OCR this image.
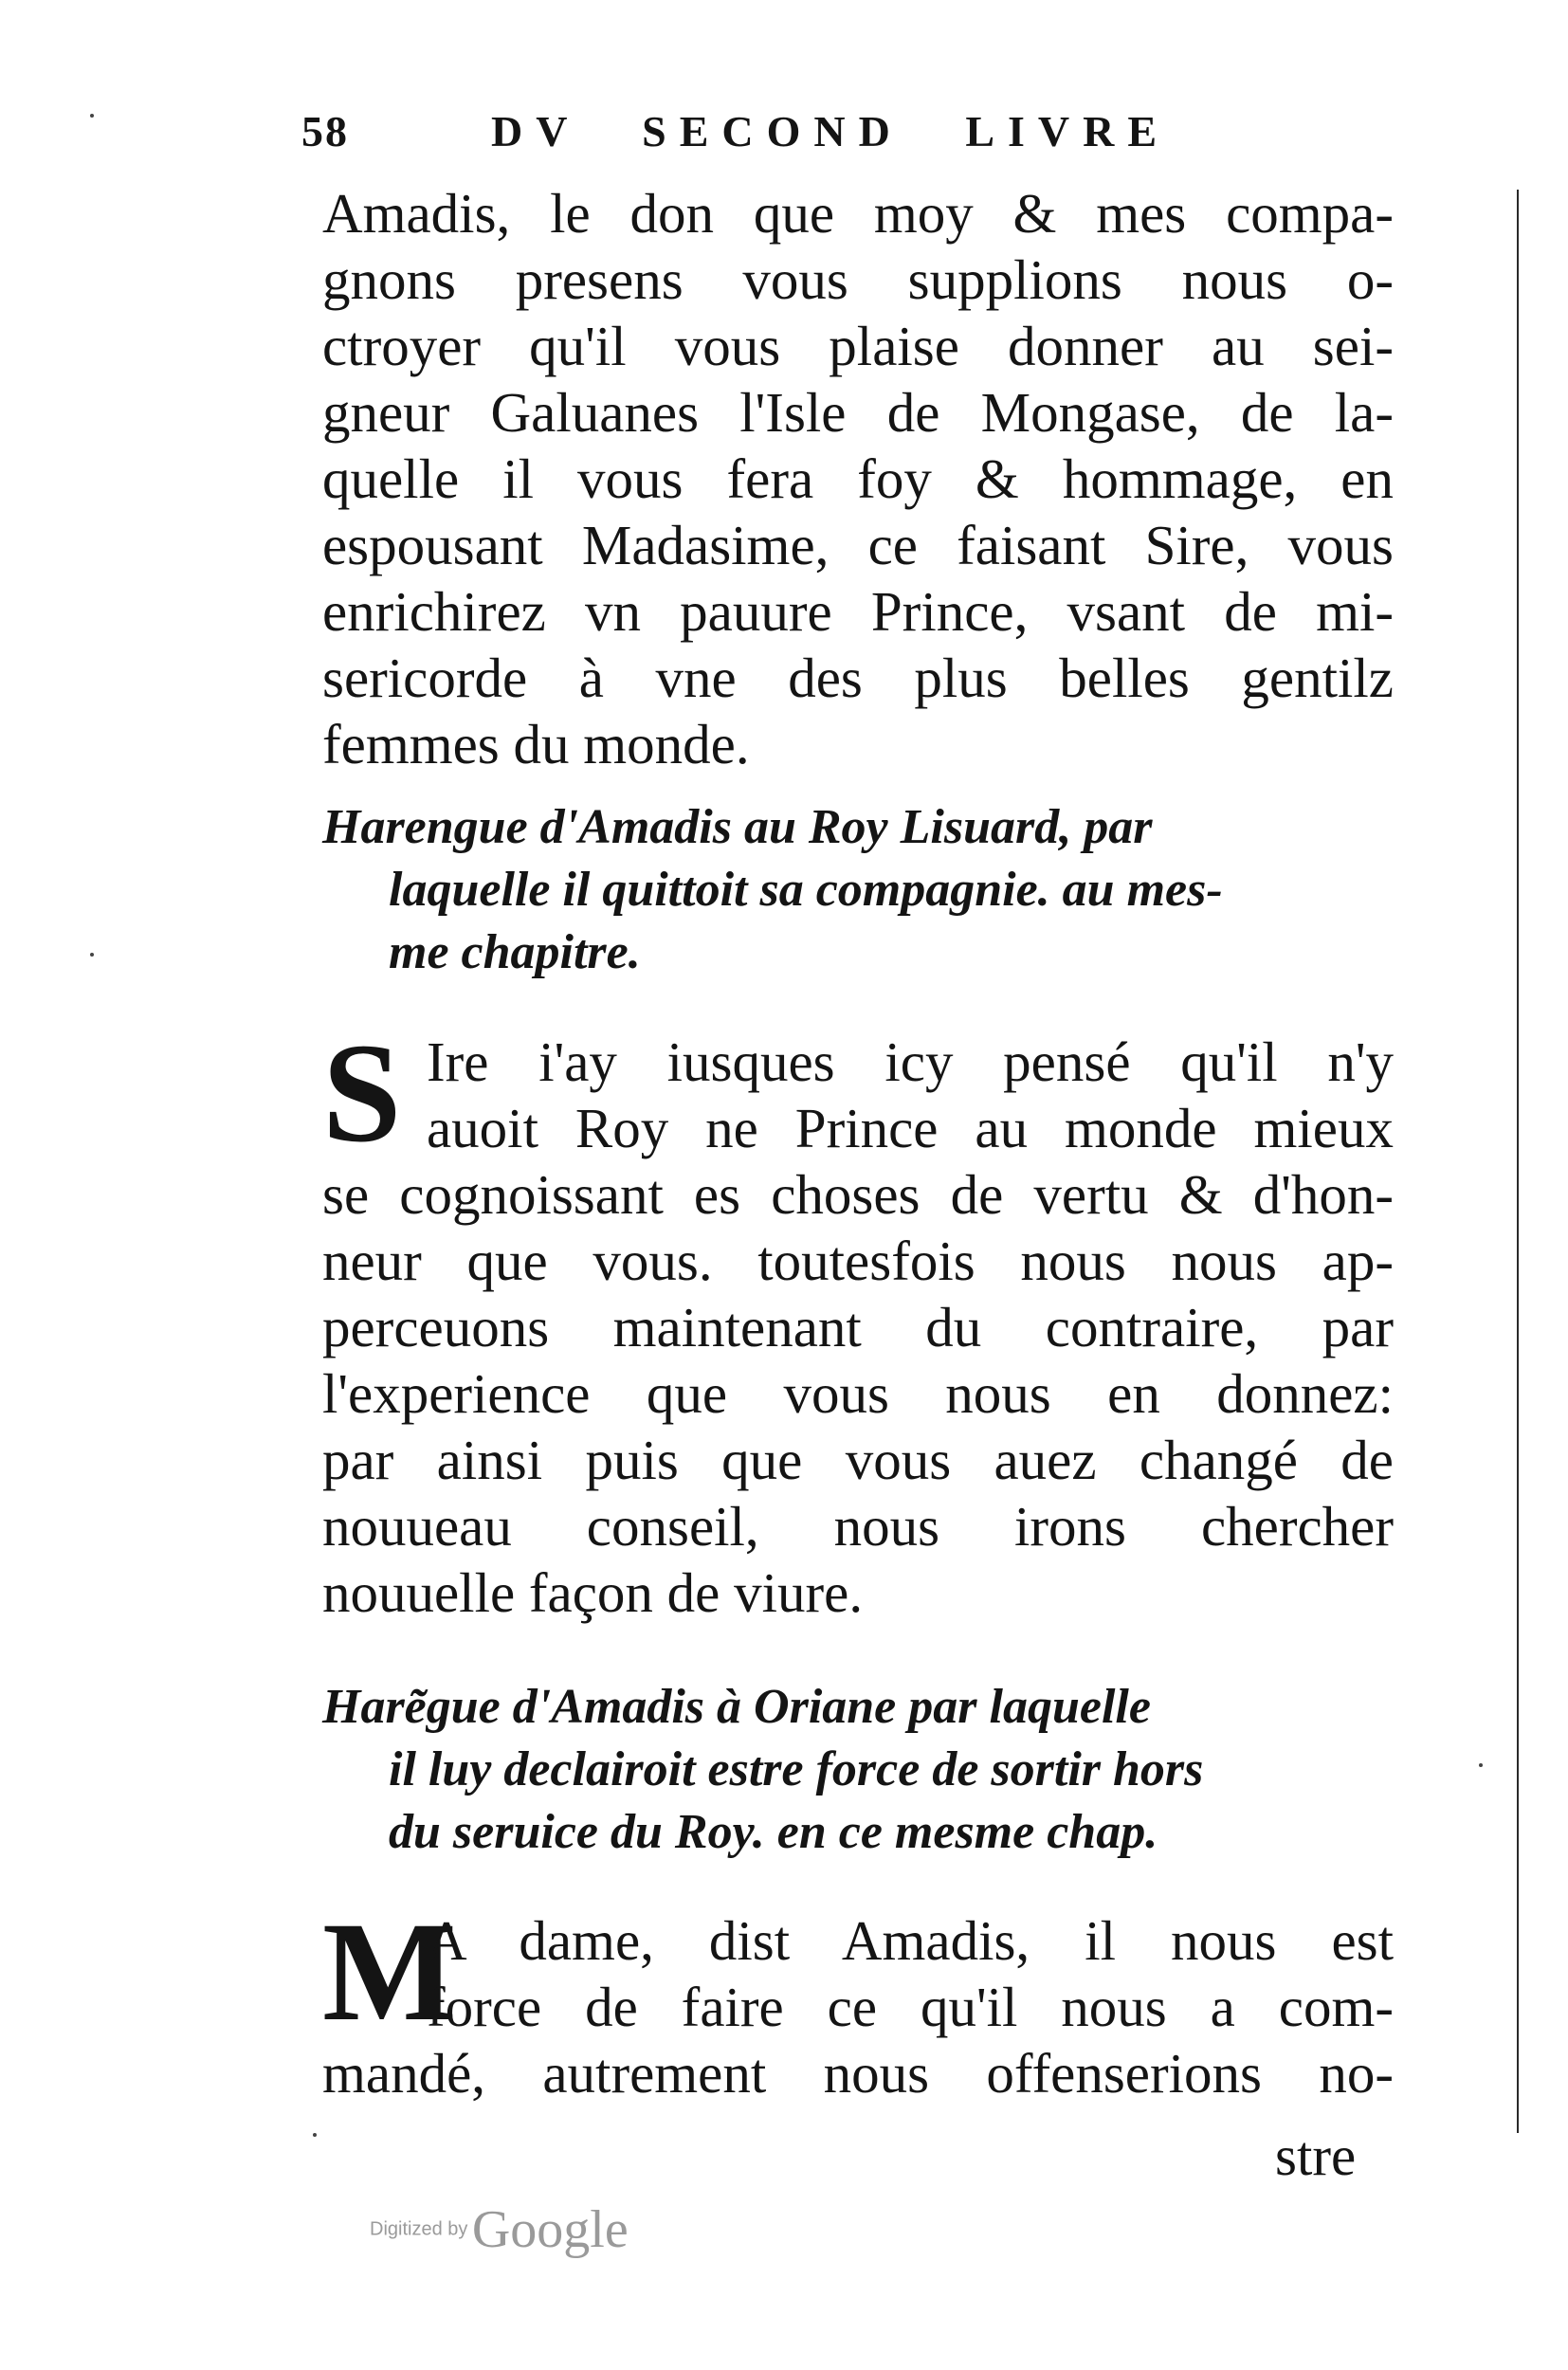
58	DV SECOND LIVRE
Amadis, le don que moy & mes compa-
gnons presens vous supplions nous o-
ctroyer qu'il vous plaise donner au sei-
gneur Galuanes l'Isle de Mongase, de la-
quelle il vous fera foy & hommage, en
espousant Madasime, ce faisant Sire, vous
enrichirez vn pauure Prince, vsant de mi-
sericorde à vne des plus belles gentilz
femmes du monde.
Harengue d'Amadis au Roy Lisuard, par
laquelle il quittoit sa compagnie. au mes-
me chapitre.
S Ire i'ay iusques icy pensé qu'il n'y
auoit Roy ne Prince au monde mieux
se cognoissant es choses de vertu & d'hon-
neur que vous. toutesfois nous nous ap-
perceuons maintenant du contraire, par
l'experience que vous nous en donnez:
par ainsi puis que vous auez changé de
nouueau conseil, nous irons chercher
nouuelle façon de viure.
Harẽgue d'Amadis à Oriane par laquelle
il luy declairoit estre force de sortir hors
du seruice du Roy. en ce mesme chap.
M
A dame, dist Amadis, il nous est
force de faire ce qu'il nous a com-
mandé, autrement nous offenserions no-
stre
Digitized by Google
